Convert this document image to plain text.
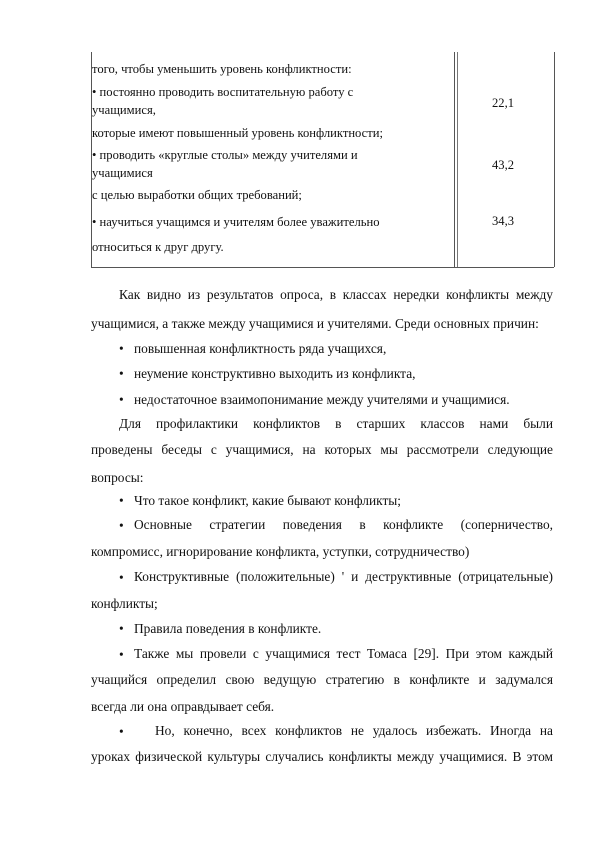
того, чтобы уменьшить уровень конфликтности:
• постоянно проводить воспитательную работу с
учащимися,
которые имеют повышенный уровень конфликтности;
• проводить «круглые столы» между учителями и
учащимися
с целью выработки общих требований;
• научиться учащимся и учителям более уважительно
относиться к друг другу.
22,1
43,2
34,3
Как видно из результатов опроса, в классах нередки конфликты между
учащимися, а также между учащимися и учителями. Среди основных причин:
• повышенная конфликтность ряда учащихся,
• неумение конструктивно выходить из конфликта,
• недостаточное взаимопонимание между учителями и учащимися.
Для профилактики конфликтов в старших классов нами были
проведены беседы с учащимися, на которых мы рассмотрели следующие
вопросы:
• Что такое конфликт, какие бывают конфликты;
• Основные стратегии поведения в конфликте (соперничество,
компромисс, игнорирование конфликта, уступки, сотрудничество)
• Конструктивные (положительные) ' и деструктивные (отрицательные)
конфликты;
• Правила поведения в конфликте.
• Также мы провели с учащимися тест Томаса [29]. При этом каждый
учащийся определил свою ведущую стратегию в конфликте и задумался
всегда ли она оправдывает себя.
• Но, конечно, всех конфликтов не удалось избежать. Иногда на
уроках физической культуры случались конфликты между учащимися. В этом
